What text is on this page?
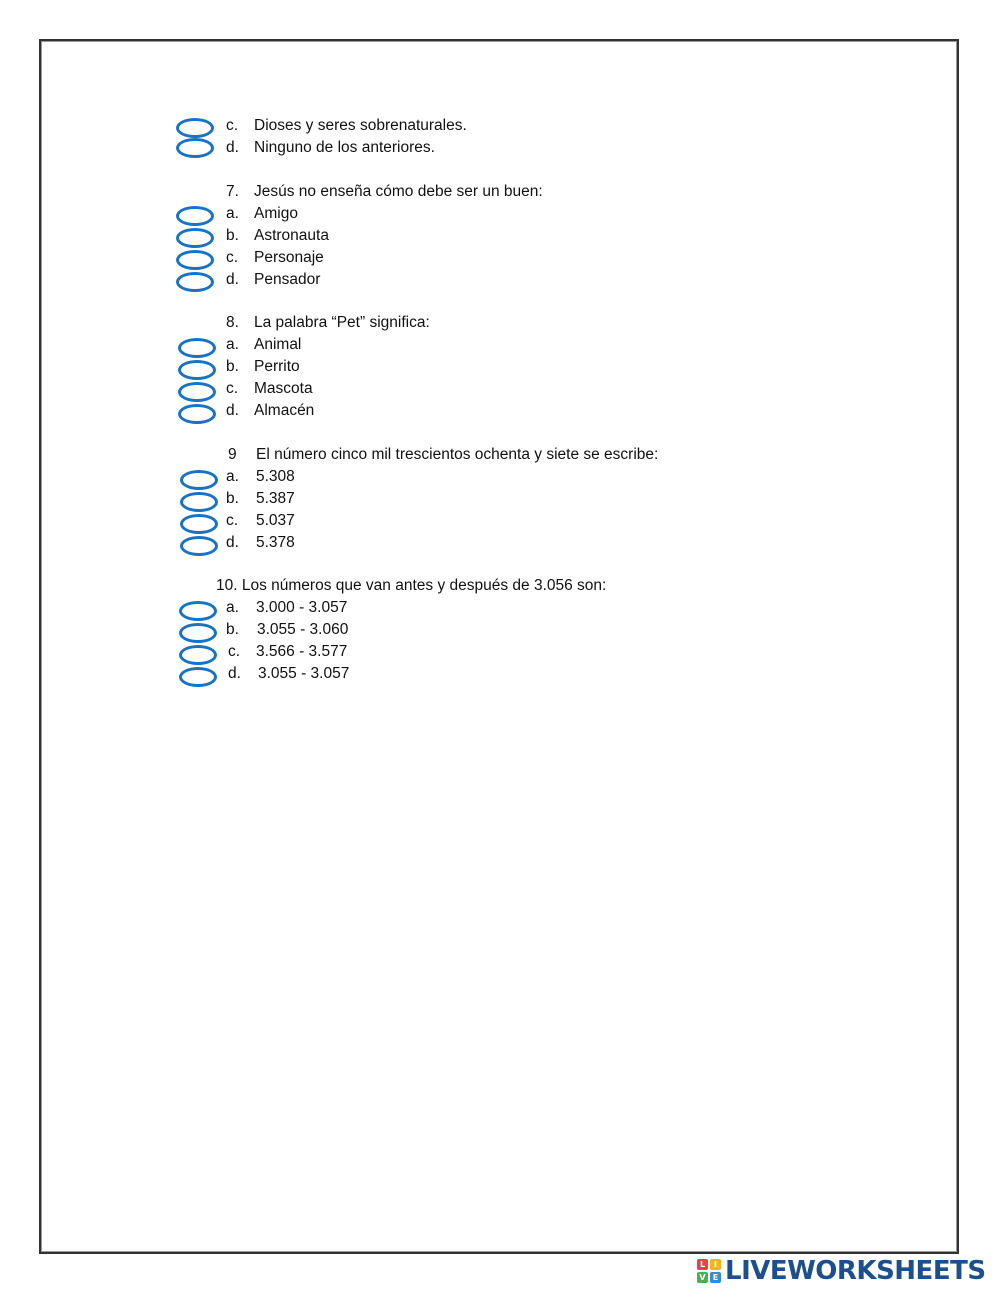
c. Dioses y seres sobrenaturales.
d. Ninguno de los anteriores.
7. Jesús no enseña cómo debe ser un buen:
a. Amigo
b. Astronauta
c. Personaje
d. Pensador
8. La palabra “Pet” significa:
a. Animal
b. Perrito
c. Mascota
d. Almacén
9 El número cinco mil trescientos ochenta y siete se escribe:
a. 5.308
b. 5.387
c. 5.037
d. 5.378
10. Los números que van antes y después de 3.056 son:
a. 3.000 - 3.057
b. 3.055 - 3.060
c. 3.566 - 3.577
d. 3.055 - 3.057
L	I
V E LIVEWORKSHEETS
